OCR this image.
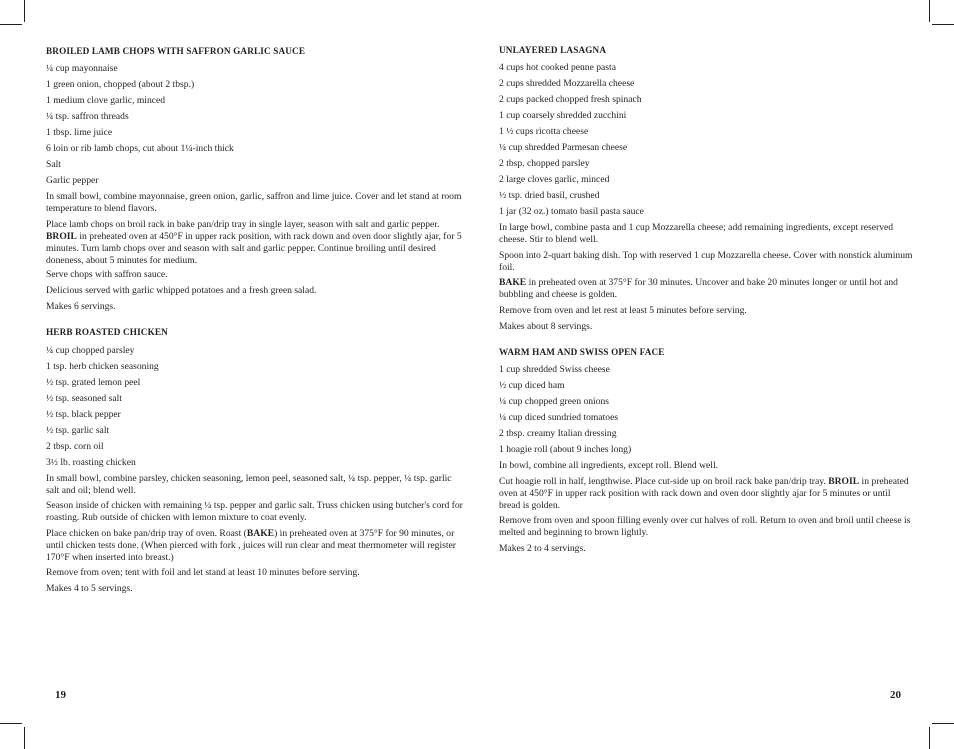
BROILED LAMB CHOPS WITH SAFFRON GARLIC SAUCE
¼ cup mayonnaise
1 green onion, chopped (about 2 tbsp.)
1 medium clove garlic, minced
¼ tsp. saffron threads
1 tbsp. lime juice
6 loin or rib lamb chops, cut about 1¼-inch thick
Salt
Garlic pepper
In small bowl, combine mayonnaise, green onion, garlic, saffron and lime juice. Cover and let stand at room temperature to blend flavors.
Place lamb chops on broil rack in bake pan/drip tray in single layer, season with salt and garlic pepper. BROIL in preheated oven at 450°F in upper rack position, with rack down and oven door slightly ajar, for 5 minutes. Turn lamb chops over and season with salt and garlic pepper. Continue broiling until desired doneness, about 5 minutes for medium.
Serve chops with saffron sauce.
Delicious served with garlic whipped potatoes and a fresh green salad.
Makes 6 servings.
HERB ROASTED CHICKEN
¼ cup chopped parsley
1 tsp. herb chicken seasoning
½ tsp. grated lemon peel
½ tsp. seasoned salt
½ tsp. black pepper
½ tsp. garlic salt
2 tbsp. corn oil
3½ lb. roasting chicken
In small bowl, combine parsley, chicken seasoning, lemon peel, seasoned salt, ¼ tsp. pepper, ¼ tsp. garlic salt and oil; blend well.
Season inside of chicken with remaining ¼ tsp. pepper and garlic salt. Truss chicken using butcher's cord for roasting. Rub outside of chicken with lemon mixture to coat evenly.
Place chicken on bake pan/drip tray of oven. Roast (BAKE) in preheated oven at 375°F for 90 minutes, or until chicken tests done. (When pierced with fork , juices will run clear and meat thermometer will register 170°F when inserted into breast.)
Remove from oven; tent with foil and let stand at least 10 minutes before serving.
Makes 4 to 5 servings.
UNLAYERED LASAGNA
4 cups hot cooked penne pasta
2 cups shredded Mozzarella cheese
2 cups packed chopped fresh spinach
1 cup coarsely shredded zucchini
1 ½ cups ricotta cheese
¼ cup shredded Parmesan cheese
2 tbsp. chopped parsley
2 large cloves garlic, minced
½ tsp. dried basil, crushed
1 jar (32 oz.) tomato basil pasta sauce
In large bowl, combine pasta and 1 cup Mozzarella cheese; add remaining ingredients, except reserved cheese. Stir to blend well.
Spoon into 2-quart baking dish. Top with reserved 1 cup Mozzarella cheese. Cover with nonstick aluminum foil.
BAKE in preheated oven at 375°F for 30 minutes. Uncover and bake 20 minutes longer or until hot and bubbling and cheese is golden.
Remove from oven and let rest at least 5 minutes before serving.
Makes about 8 servings.
WARM HAM AND SWISS OPEN FACE
1 cup shredded Swiss cheese
½ cup diced ham
¼ cup chopped green onions
¼ cup diced sundried tomatoes
2 tbsp. creamy Italian dressing
1 hoagie roll (about 9 inches long)
In bowl, combine all ingredients, except roll. Blend well.
Cut hoagie roll in half, lengthwise. Place cut-side up on broil rack bake pan/drip tray. BROIL in preheated oven at 450°F in upper rack position with rack down and oven door slightly ajar for 5 minutes or until bread is golden.
Remove from oven and spoon filling evenly over cut halves of roll. Return to oven and broil until cheese is melted and beginning to brown lightly.
Makes 2 to 4 servings.
19	20
